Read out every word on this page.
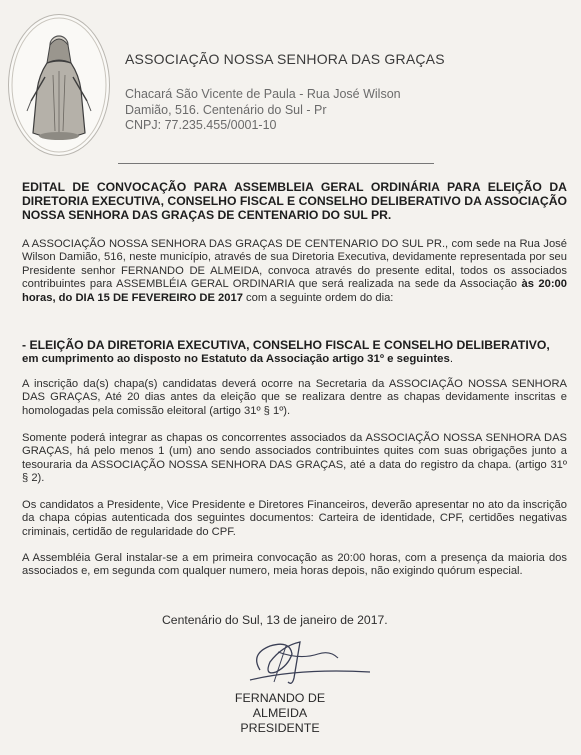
ASSOCIAÇÃO NOSSA SENHORA DAS GRAÇAS
Chacará São Vicente de Paula - Rua José Wilson
Damião, 516. Centenário do Sul - Pr
CNPJ: 77.235.455/0001-10
EDITAL DE CONVOCAÇÃO PARA ASSEMBLEIA GERAL ORDINÁRIA PARA ELEIÇÃO DA DIRETORIA EXECUTIVA, CONSELHO FISCAL E CONSELHO DELIBERATIVO DA ASSOCIAÇÃO NOSSA SENHORA DAS GRAÇAS DE CENTENARIO DO SUL PR.
A ASSOCIAÇÃO NOSSA SENHORA DAS GRAÇAS DE CENTENARIO DO SUL PR., com sede na Rua José Wilson Damião, 516, neste município, através de sua Diretoria Executiva, devidamente representada por seu Presidente senhor FERNANDO DE ALMEIDA, convoca através do presente edital, todos os associados contribuintes para ASSEMBLÉIA GERAL ORDINARIA que será realizada na sede da Associação às 20:00 horas, do DIA 15 DE FEVEREIRO DE 2017 com a seguinte ordem do dia:
- ELEIÇÃO DA DIRETORIA EXECUTIVA, CONSELHO FISCAL E CONSELHO DELIBERATIVO,
em cumprimento ao disposto no Estatuto da Associação artigo 31º e seguintes.
A inscrição da(s) chapa(s) candidatas deverá ocorre na Secretaria da ASSOCIAÇÃO NOSSA SENHORA DAS GRAÇAS, Até 20 dias antes da eleição que se realizara dentre as chapas devidamente inscritas e homologadas pela comissão eleitoral (artigo 31º § 1º).
Somente poderá integrar as chapas os concorrentes associados da ASSOCIAÇÃO NOSSA SENHORA DAS GRAÇAS, há pelo menos 1 (um) ano sendo associados contribuintes quites com suas obrigações junto a tesouraria da ASSOCIAÇÃO NOSSA SENHORA DAS GRAÇAS, até a data do registro da chapa. (artigo 31º § 2).
Os candidatos a Presidente, Vice Presidente e Diretores Financeiros, deverão apresentar no ato da inscrição da chapa cópias autenticada dos seguintes documentos: Carteira de identidade, CPF, certidões negativas criminais, certidão de regularidade do CPF.
A Assembléia Geral instalar-se a em primeira convocação as 20:00 horas, com a presença da maioria dos associados e, em segunda com qualquer numero, meia horas depois, não exigindo quórum especial.
Centenário do Sul, 13 de janeiro de 2017.
FERNANDO DE ALMEIDA
PRESIDENTE
